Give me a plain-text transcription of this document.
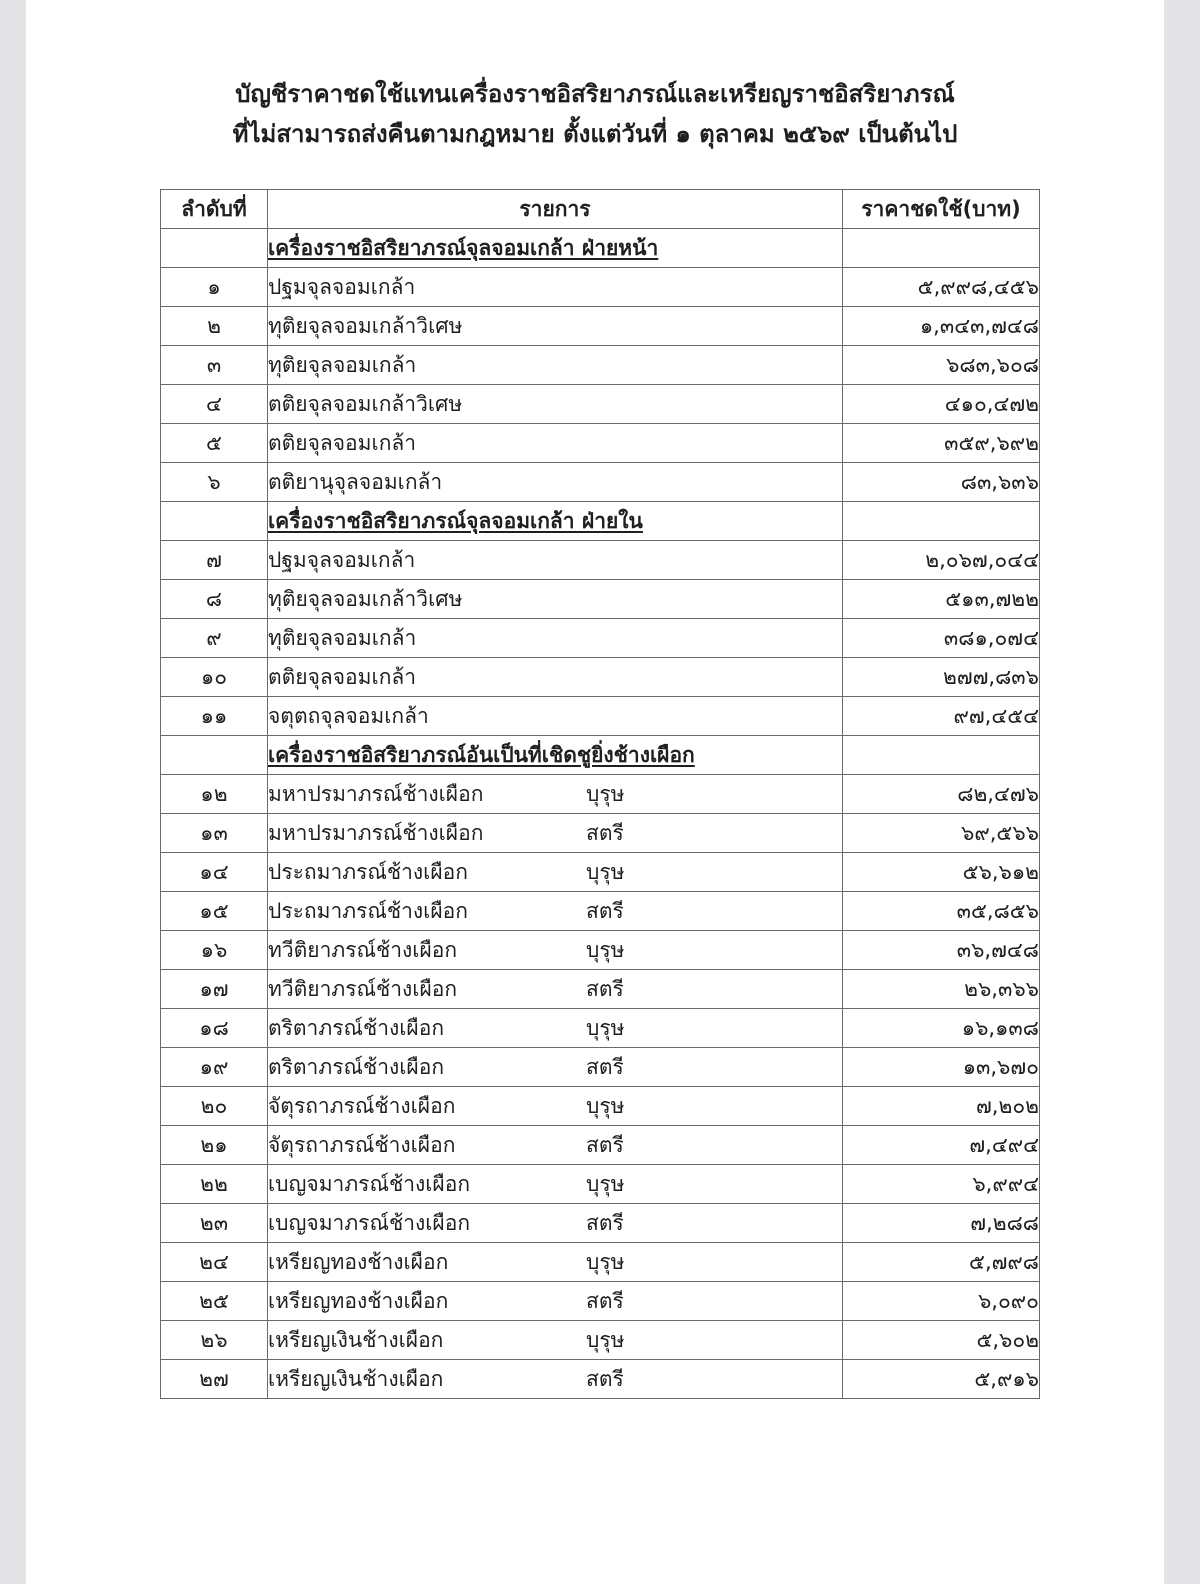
บัญชีราคาชดใช้แทนเครื่องราชอิสริยาภรณ์และเหรียญราชอิสริยาภรณ์
ที่ไม่สามารถส่งคืนตามกฎหมาย ตั้งแต่วันที่ ๑ ตุลาคม ๒๕๖๙ เป็นต้นไป
ลำดับที่	รายการ	ราคาชดใช้(บาท)
	เครื่องราชอิสริยาภรณ์จุลจอมเกล้า ฝ่ายหน้า	
๑	ปฐมจุลจอมเกล้า	๕,๙๙๘,๔๕๖
๒	ทุติยจุลจอมเกล้าวิเศษ	๑,๓๔๓,๗๔๘
๓	ทุติยจุลจอมเกล้า	๖๘๓,๖๐๘
๔	ตติยจุลจอมเกล้าวิเศษ	๔๑๐,๔๗๒
๕	ตติยจุลจอมเกล้า	๓๕๙,๖๙๒
๖	ตติยานุจุลจอมเกล้า	๘๓,๖๓๖
	เครื่องราชอิสริยาภรณ์จุลจอมเกล้า ฝ่ายใน	
๗	ปฐมจุลจอมเกล้า	๒,๐๖๗,๐๔๔
๘	ทุติยจุลจอมเกล้าวิเศษ	๕๑๓,๗๒๒
๙	ทุติยจุลจอมเกล้า	๓๘๑,๐๗๔
๑๐	ตติยจุลจอมเกล้า	๒๗๗,๘๓๖
๑๑	จตุตถจุลจอมเกล้า	๙๗,๔๕๔
	เครื่องราชอิสริยาภรณ์อันเป็นที่เชิดชูยิ่งช้างเผือก	
๑๒	มหาปรมาภรณ์ช้างเผือก บุรุษ	๘๒,๔๗๖
๑๓	มหาปรมาภรณ์ช้างเผือก สตรี	๖๙,๕๖๖
๑๔	ประถมาภรณ์ช้างเผือก บุรุษ	๕๖,๖๑๒
๑๕	ประถมาภรณ์ช้างเผือก สตรี	๓๕,๘๕๖
๑๖	ทวีติยาภรณ์ช้างเผือก บุรุษ	๓๖,๗๔๘
๑๗	ทวีติยาภรณ์ช้างเผือก สตรี	๒๖,๓๖๖
๑๘	ตริตาภรณ์ช้างเผือก บุรุษ	๑๖,๑๓๘
๑๙	ตริตาภรณ์ช้างเผือก สตรี	๑๓,๖๗๐
๒๐	จัตุรถาภรณ์ช้างเผือก บุรุษ	๗,๒๐๒
๒๑	จัตุรถาภรณ์ช้างเผือก สตรี	๗,๔๙๔
๒๒	เบญจมาภรณ์ช้างเผือก บุรุษ	๖,๙๙๔
๒๓	เบญจมาภรณ์ช้างเผือก สตรี	๗,๒๘๘
๒๔	เหรียญทองช้างเผือก บุรุษ	๕,๗๙๘
๒๕	เหรียญทองช้างเผือก สตรี	๖,๐๙๐
๒๖	เหรียญเงินช้างเผือก บุรุษ	๕,๖๐๒
๒๗	เหรียญเงินช้างเผือก สตรี	๕,๙๑๖
